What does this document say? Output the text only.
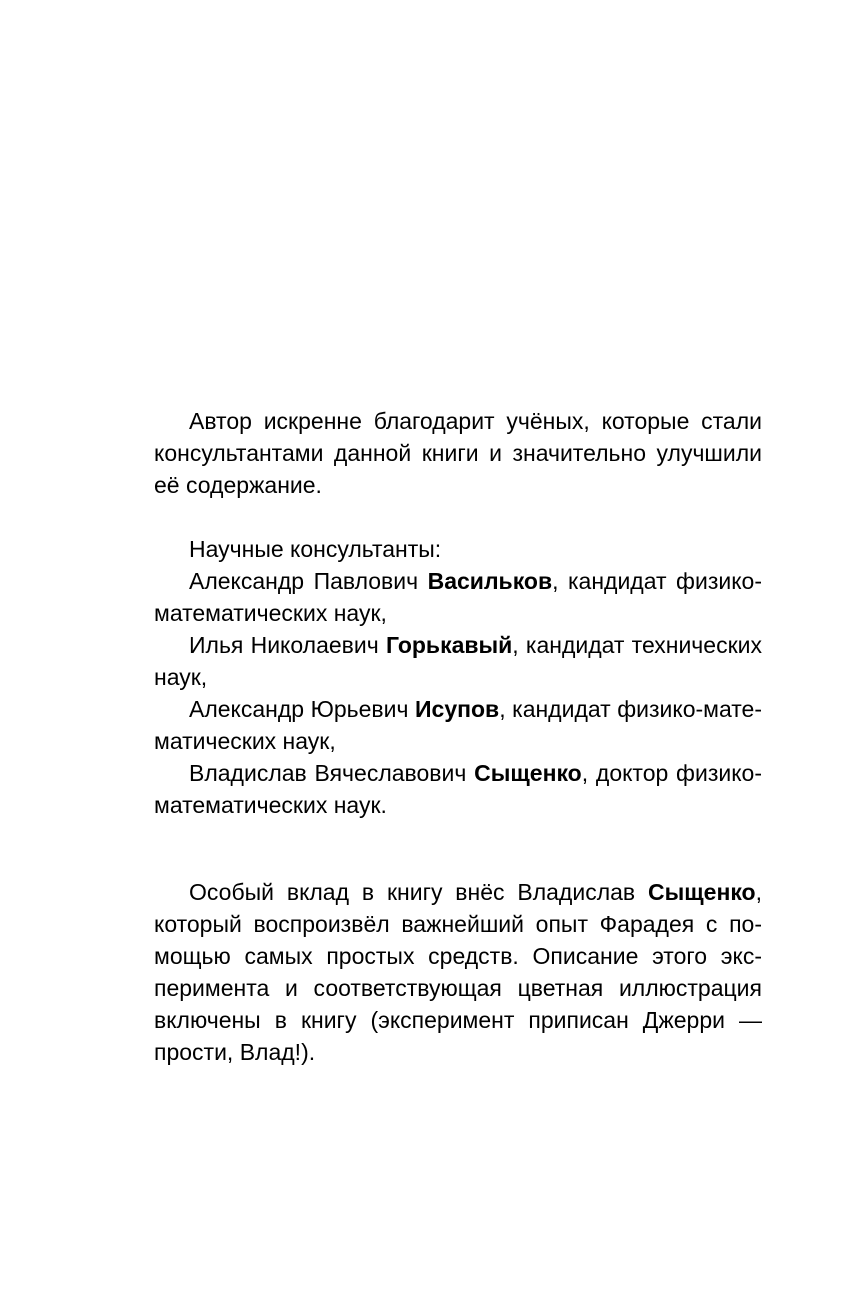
Автор искренне благодарит учёных, которые стали
консультантами данной книги и значительно улучшили
её содержание.
Научные консультанты:
Александр Павлович Васильков, кандидат физико-
математических наук,
Илья Николаевич Горькавый, кандидат технических
наук,
Александр Юрьевич Исупов, кандидат физико-мате-
матических наук,
Владислав Вячеславович Сыщенко, доктор физико-
математических наук.
Особый вклад в книгу внёс Владислав Сыщенко,
который воспроизвёл важнейший опыт Фарадея с по-
мощью самых простых средств. Описание этого экс-
перимента и соответствующая цветная иллюстрация
включены в книгу (эксперимент приписан Джерри —
прости, Влад!).
